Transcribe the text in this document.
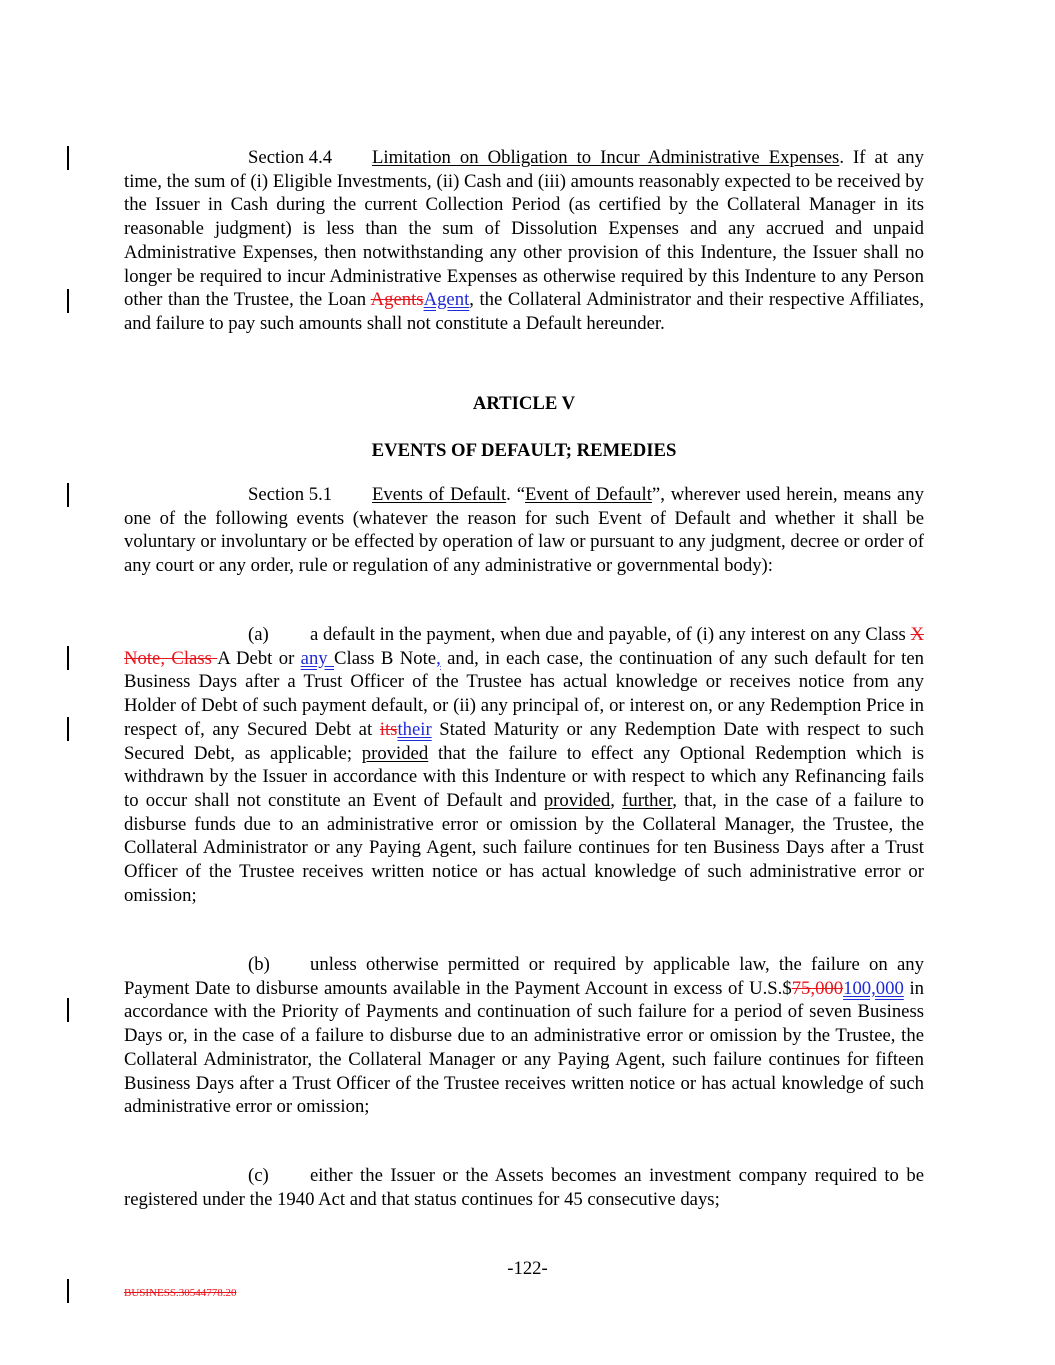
Section 4.4 Limitation on Obligation to Incur Administrative Expenses. If at any time, the sum of (i) Eligible Investments, (ii) Cash and (iii) amounts reasonably expected to be received by the Issuer in Cash during the current Collection Period (as certified by the Collateral Manager in its reasonable judgment) is less than the sum of Dissolution Expenses and any accrued and unpaid Administrative Expenses, then notwithstanding any other provision of this Indenture, the Issuer shall no longer be required to incur Administrative Expenses as otherwise required by this Indenture to any Person other than the Trustee, the Loan AgentsAgent, the Collateral Administrator and their respective Affiliates, and failure to pay such amounts shall not constitute a Default hereunder.

ARTICLE V

EVENTS OF DEFAULT; REMEDIES

Section 5.1 Events of Default. “Event of Default”, wherever used herein, means any one of the following events (whatever the reason for such Event of Default and whether it shall be voluntary or involuntary or be effected by operation of law or pursuant to any judgment, decree or order of any court or any order, rule or regulation of any administrative or governmental body):

(a) a default in the payment, when due and payable, of (i) any interest on any Class X Note, Class A Debt or any Class B Note, and, in each case, the continuation of any such default for ten Business Days after a Trust Officer of the Trustee has actual knowledge or receives notice from any Holder of Debt of such payment default, or (ii) any principal of, or interest on, or any Redemption Price in respect of, any Secured Debt at itstheir Stated Maturity or any Redemption Date with respect to such Secured Debt, as applicable; provided that the failure to effect any Optional Redemption which is withdrawn by the Issuer in accordance with this Indenture or with respect to which any Refinancing fails to occur shall not constitute an Event of Default and provided, further, that, in the case of a failure to disburse funds due to an administrative error or omission by the Collateral Manager, the Trustee, the Collateral Administrator or any Paying Agent, such failure continues for ten Business Days after a Trust Officer of the Trustee receives written notice or has actual knowledge of such administrative error or omission;

(b) unless otherwise permitted or required by applicable law, the failure on any Payment Date to disburse amounts available in the Payment Account in excess of U.S.$75,000100,000 in accordance with the Priority of Payments and continuation of such failure for a period of seven Business Days or, in the case of a failure to disburse due to an administrative error or omission by the Trustee, the Collateral Administrator, the Collateral Manager or any Paying Agent, such failure continues for fifteen Business Days after a Trust Officer of the Trustee receives written notice or has actual knowledge of such administrative error or omission;

(c) either the Issuer or the Assets becomes an investment company required to be registered under the 1940 Act and that status continues for 45 consecutive days;

-122-
BUSINESS.30544778.20
